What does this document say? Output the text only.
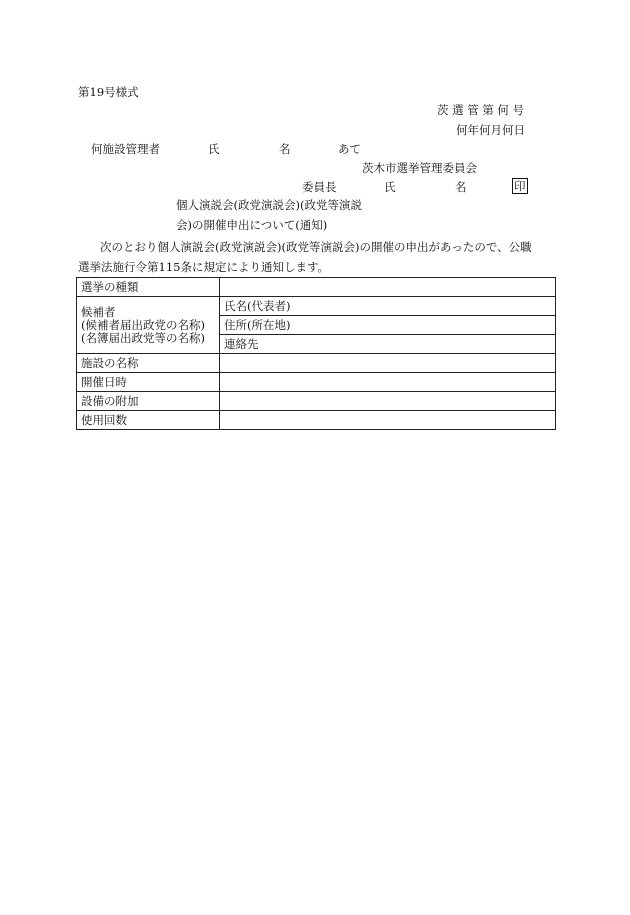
第19号様式
茨選管第何号
何年何月何日
何施設管理者	氏	名	あて
茨木市選挙管理委員会
委員長	氏	名	印
個人演説会(政党演説会)(政党等演説
会)の開催申出について(通知)
次のとおり個人演説会(政党演説会)(政党等演説会)の開催の申出があったので、公職
選挙法施行令第115条に規定により通知します。
選挙の種類	

候補者
(候補者届出政党の名称)
(名簿届出政党等の名称)	氏名(代表者)
	住所(所在地)
	連絡先
施設の名称	
開催日時	
設備の附加	
使用回数	
